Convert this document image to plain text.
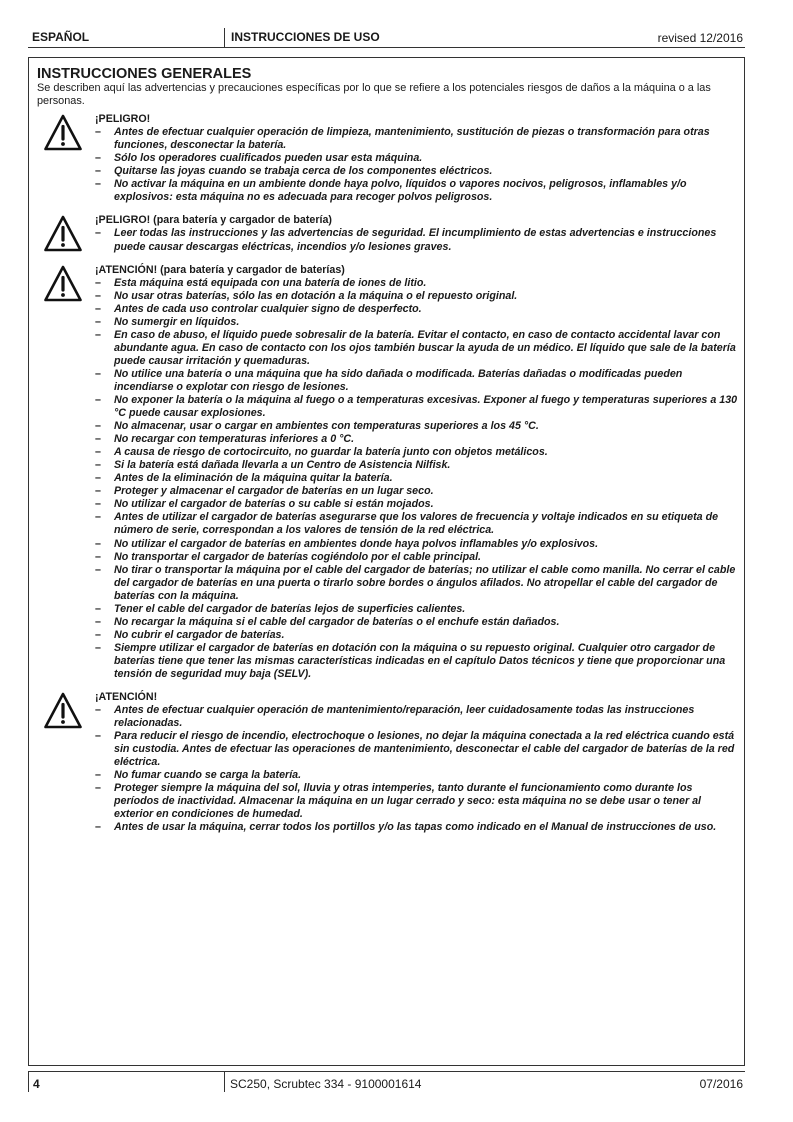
ESPAÑOL	INSTRUCCIONES DE USO	revised 12/2016

INSTRUCCIONES GENERALES

Se describen aquí las advertencias y precauciones específicas por lo que se refiere a los potenciales riesgos de daños a la máquina o a las personas.

¡PELIGRO!
– Antes de efectuar cualquier operación de limpieza, mantenimiento, sustitución de piezas o transformación para otras funciones, desconectar la batería.
– Sólo los operadores cualificados pueden usar esta máquina.
– Quitarse las joyas cuando se trabaja cerca de los componentes eléctricos.
– No activar la máquina en un ambiente donde haya polvo, líquidos o vapores nocivos, peligrosos, inflamables y/o explosivos: esta máquina no es adecuada para recoger polvos peligrosos.
¡PELIGRO! (para batería y cargador de batería)
– Leer todas las instrucciones y las advertencias de seguridad. El incumplimiento de estas advertencias e instrucciones puede causar descargas eléctricas, incendios y/o lesiones graves.
¡ATENCIÓN! (para batería y cargador de baterías)
– Esta máquina está equipada con una batería de iones de litio.
– No usar otras baterías, sólo las en dotación a la máquina o el repuesto original.
– Antes de cada uso controlar cualquier signo de desperfecto.
– No sumergir en líquidos.
– En caso de abuso, el líquido puede sobresalir de la batería. Evitar el contacto, en caso de contacto accidental lavar con abundante agua. En caso de contacto con los ojos también buscar la ayuda de un médico. El líquido que sale de la batería puede causar irritación y quemaduras.
– No utilice una batería o una máquina que ha sido dañada o modificada. Baterías dañadas o modificadas pueden incendiarse o explotar con riesgo de lesiones.
– No exponer la batería o la máquina al fuego o a temperaturas excesivas. Exponer al fuego y temperaturas superiores a 130 °C puede causar explosiones.
– No almacenar, usar o cargar en ambientes con temperaturas superiores a los 45 °C.
– No recargar con temperaturas inferiores a 0 °C.
– A causa de riesgo de cortocircuito, no guardar la batería junto con objetos metálicos.
– Si la batería está dañada llevarla a un Centro de Asistencia Nilfisk.
– Antes de la eliminación de la máquina quitar la batería.
– Proteger y almacenar el cargador de baterías en un lugar seco.
– No utilizar el cargador de baterías o su cable si están mojados.
– Antes de utilizar el cargador de baterías asegurarse que los valores de frecuencia y voltaje indicados en su etiqueta de número de serie, correspondan a los valores de tensión de la red eléctrica.
– No utilizar el cargador de baterías en ambientes donde haya polvos inflamables y/o explosivos.
– No transportar el cargador de baterías cogiéndolo por el cable principal.
– No tirar o transportar la máquina por el cable del cargador de baterías; no utilizar el cable como manilla. No cerrar el cable del cargador de baterías en una puerta o tirarlo sobre bordes o ángulos afilados. No atropellar el cable del cargador de baterías con la máquina.
– Tener el cable del cargador de baterías lejos de superficies calientes.
– No recargar la máquina si el cable del cargador de baterías o el enchufe están dañados.
– No cubrir el cargador de baterías.
– Siempre utilizar el cargador de baterías en dotación con la máquina o su repuesto original. Cualquier otro cargador de baterías tiene que tener las mismas características indicadas en el capítulo Datos técnicos y tiene que proporcionar una tensión de seguridad muy baja (SELV).
¡ATENCIÓN!
– Antes de efectuar cualquier operación de mantenimiento/reparación, leer cuidadosamente todas las instrucciones relacionadas.
– Para reducir el riesgo de incendio, electrochoque o lesiones, no dejar la máquina conectada a la red eléctrica cuando está sin custodia. Antes de efectuar las operaciones de mantenimiento, desconectar el cable del cargador de baterías de la red eléctrica.
– No fumar cuando se carga la batería.
– Proteger siempre la máquina del sol, lluvia y otras intemperies, tanto durante el funcionamiento como durante los períodos de inactividad. Almacenar la máquina en un lugar cerrado y seco: esta máquina no se debe usar o tener al exterior en condiciones de humedad.
– Antes de usar la máquina, cerrar todos los portillos y/o las tapas como indicado en el Manual de instrucciones de uso.
4	SC250, Scrubtec 334 - 9100001614	07/2016
